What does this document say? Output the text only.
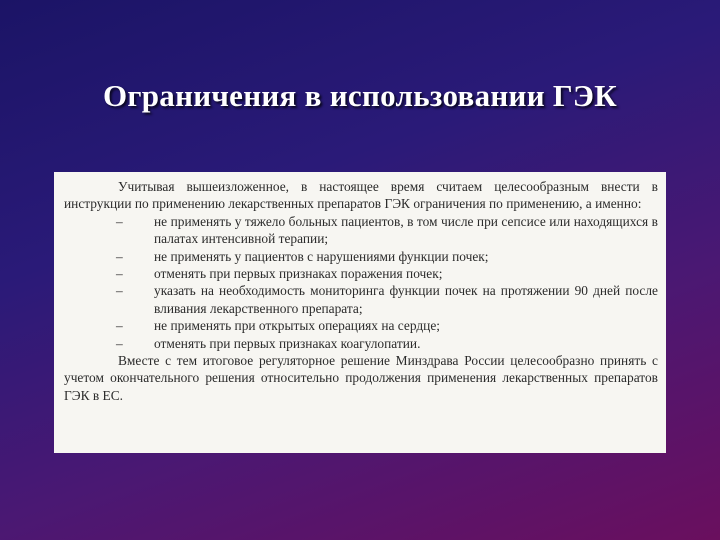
Ограничения в использовании ГЭК

Учитывая вышеизложенное, в настоящее время считаем целесообразным внести в инструкции по применению лекарственных препаратов ГЭК ограничения по применению, а именно:

– не применять у тяжело больных пациентов, в том числе при сепсисе или находящихся в палатах интенсивной терапии;
– не применять у пациентов с нарушениями функции почек;
– отменять при первых признаках поражения почек;
– указать на необходимость мониторинга функции почек на протяжении 90 дней после вливания лекарственного препарата;
– не применять при открытых операциях на сердце;
– отменять при первых признаках коагулопатии.

Вместе с тем итоговое регуляторное решение Минздрава России целесообразно принять с учетом окончательного решения относительно продолжения применения лекарственных препаратов ГЭК в ЕС.
